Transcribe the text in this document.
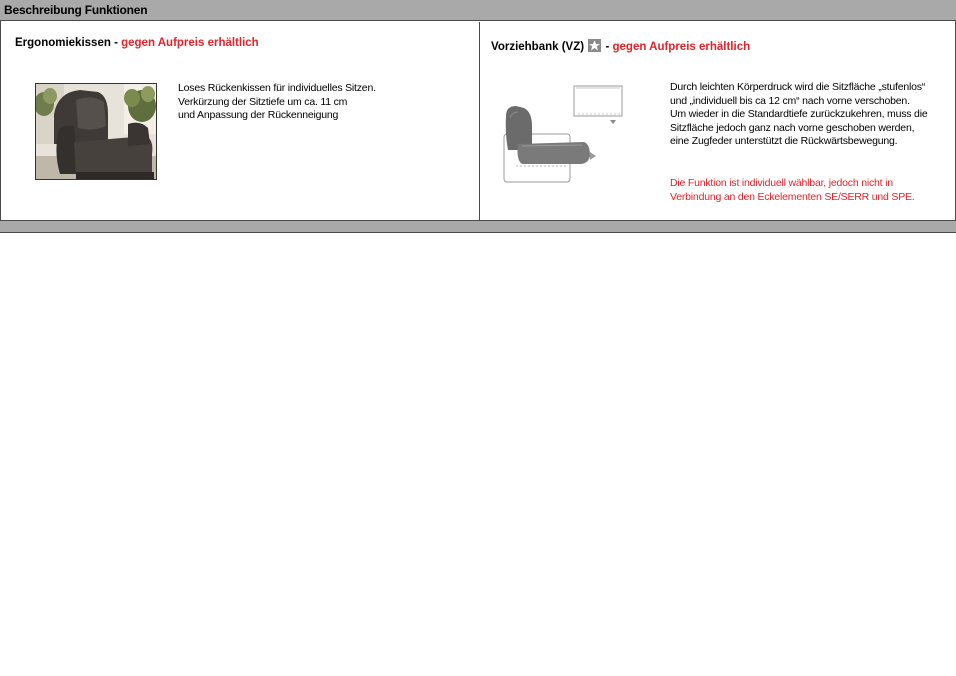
Beschreibung Funktionen
Ergonomiekissen - gegen Aufpreis erhältlich
Loses Rückenkissen für individuelles Sitzen.
Verkürzung der Sitztiefe um ca. 11 cm
und Anpassung der Rückenneigung
Vorziehbank (VZ)  - gegen Aufpreis erhältlich
Durch leichten Körperdruck wird die Sitzfläche „stufenlos“
und „individuell bis ca 12 cm“ nach vorne verschoben.
Um wieder in die Standardtiefe zurückzukehren, muss die
Sitzfläche jedoch ganz nach vorne geschoben werden,
eine Zugfeder unterstützt die Rückwärtsbewegung.
Die Funktion ist individuell wählbar, jedoch nicht in
Verbindung an den Eckelementen SE/SERR und SPE.
